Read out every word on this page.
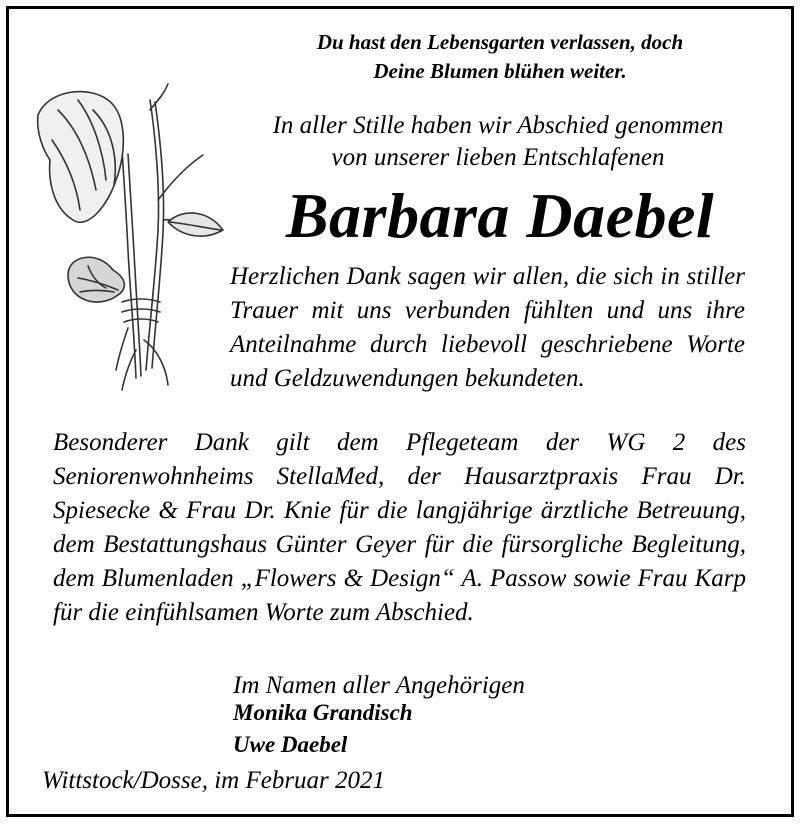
Du hast den Lebensgarten verlassen, doch
Deine Blumen blühen weiter.
In aller Stille haben wir Abschied genommen
von unserer lieben Entschlafenen
Barbara Daebel
Herzlichen Dank sagen wir allen, die sich in stiller Trauer mit uns verbunden fühlten und uns ihre Anteilnahme durch liebevoll geschriebene Worte und Geldzuwendungen bekundeten.
Besonderer Dank gilt dem Pflegeteam der WG 2 des Seniorenwohnheims StellaMed, der Hausarztpraxis Frau Dr. Spiesecke & Frau Dr. Knie für die langjährige ärztliche Betreuung, dem Bestattungshaus Günter Geyer für die fürsorgliche Begleitung, dem Blumenladen „Flowers & Design“ A. Passow sowie Frau Karp für die einfühlsamen Worte zum Abschied.
Im Namen aller Angehörigen
Monika Grandisch
Uwe Daebel
Wittstock/Dosse, im Februar 2021
